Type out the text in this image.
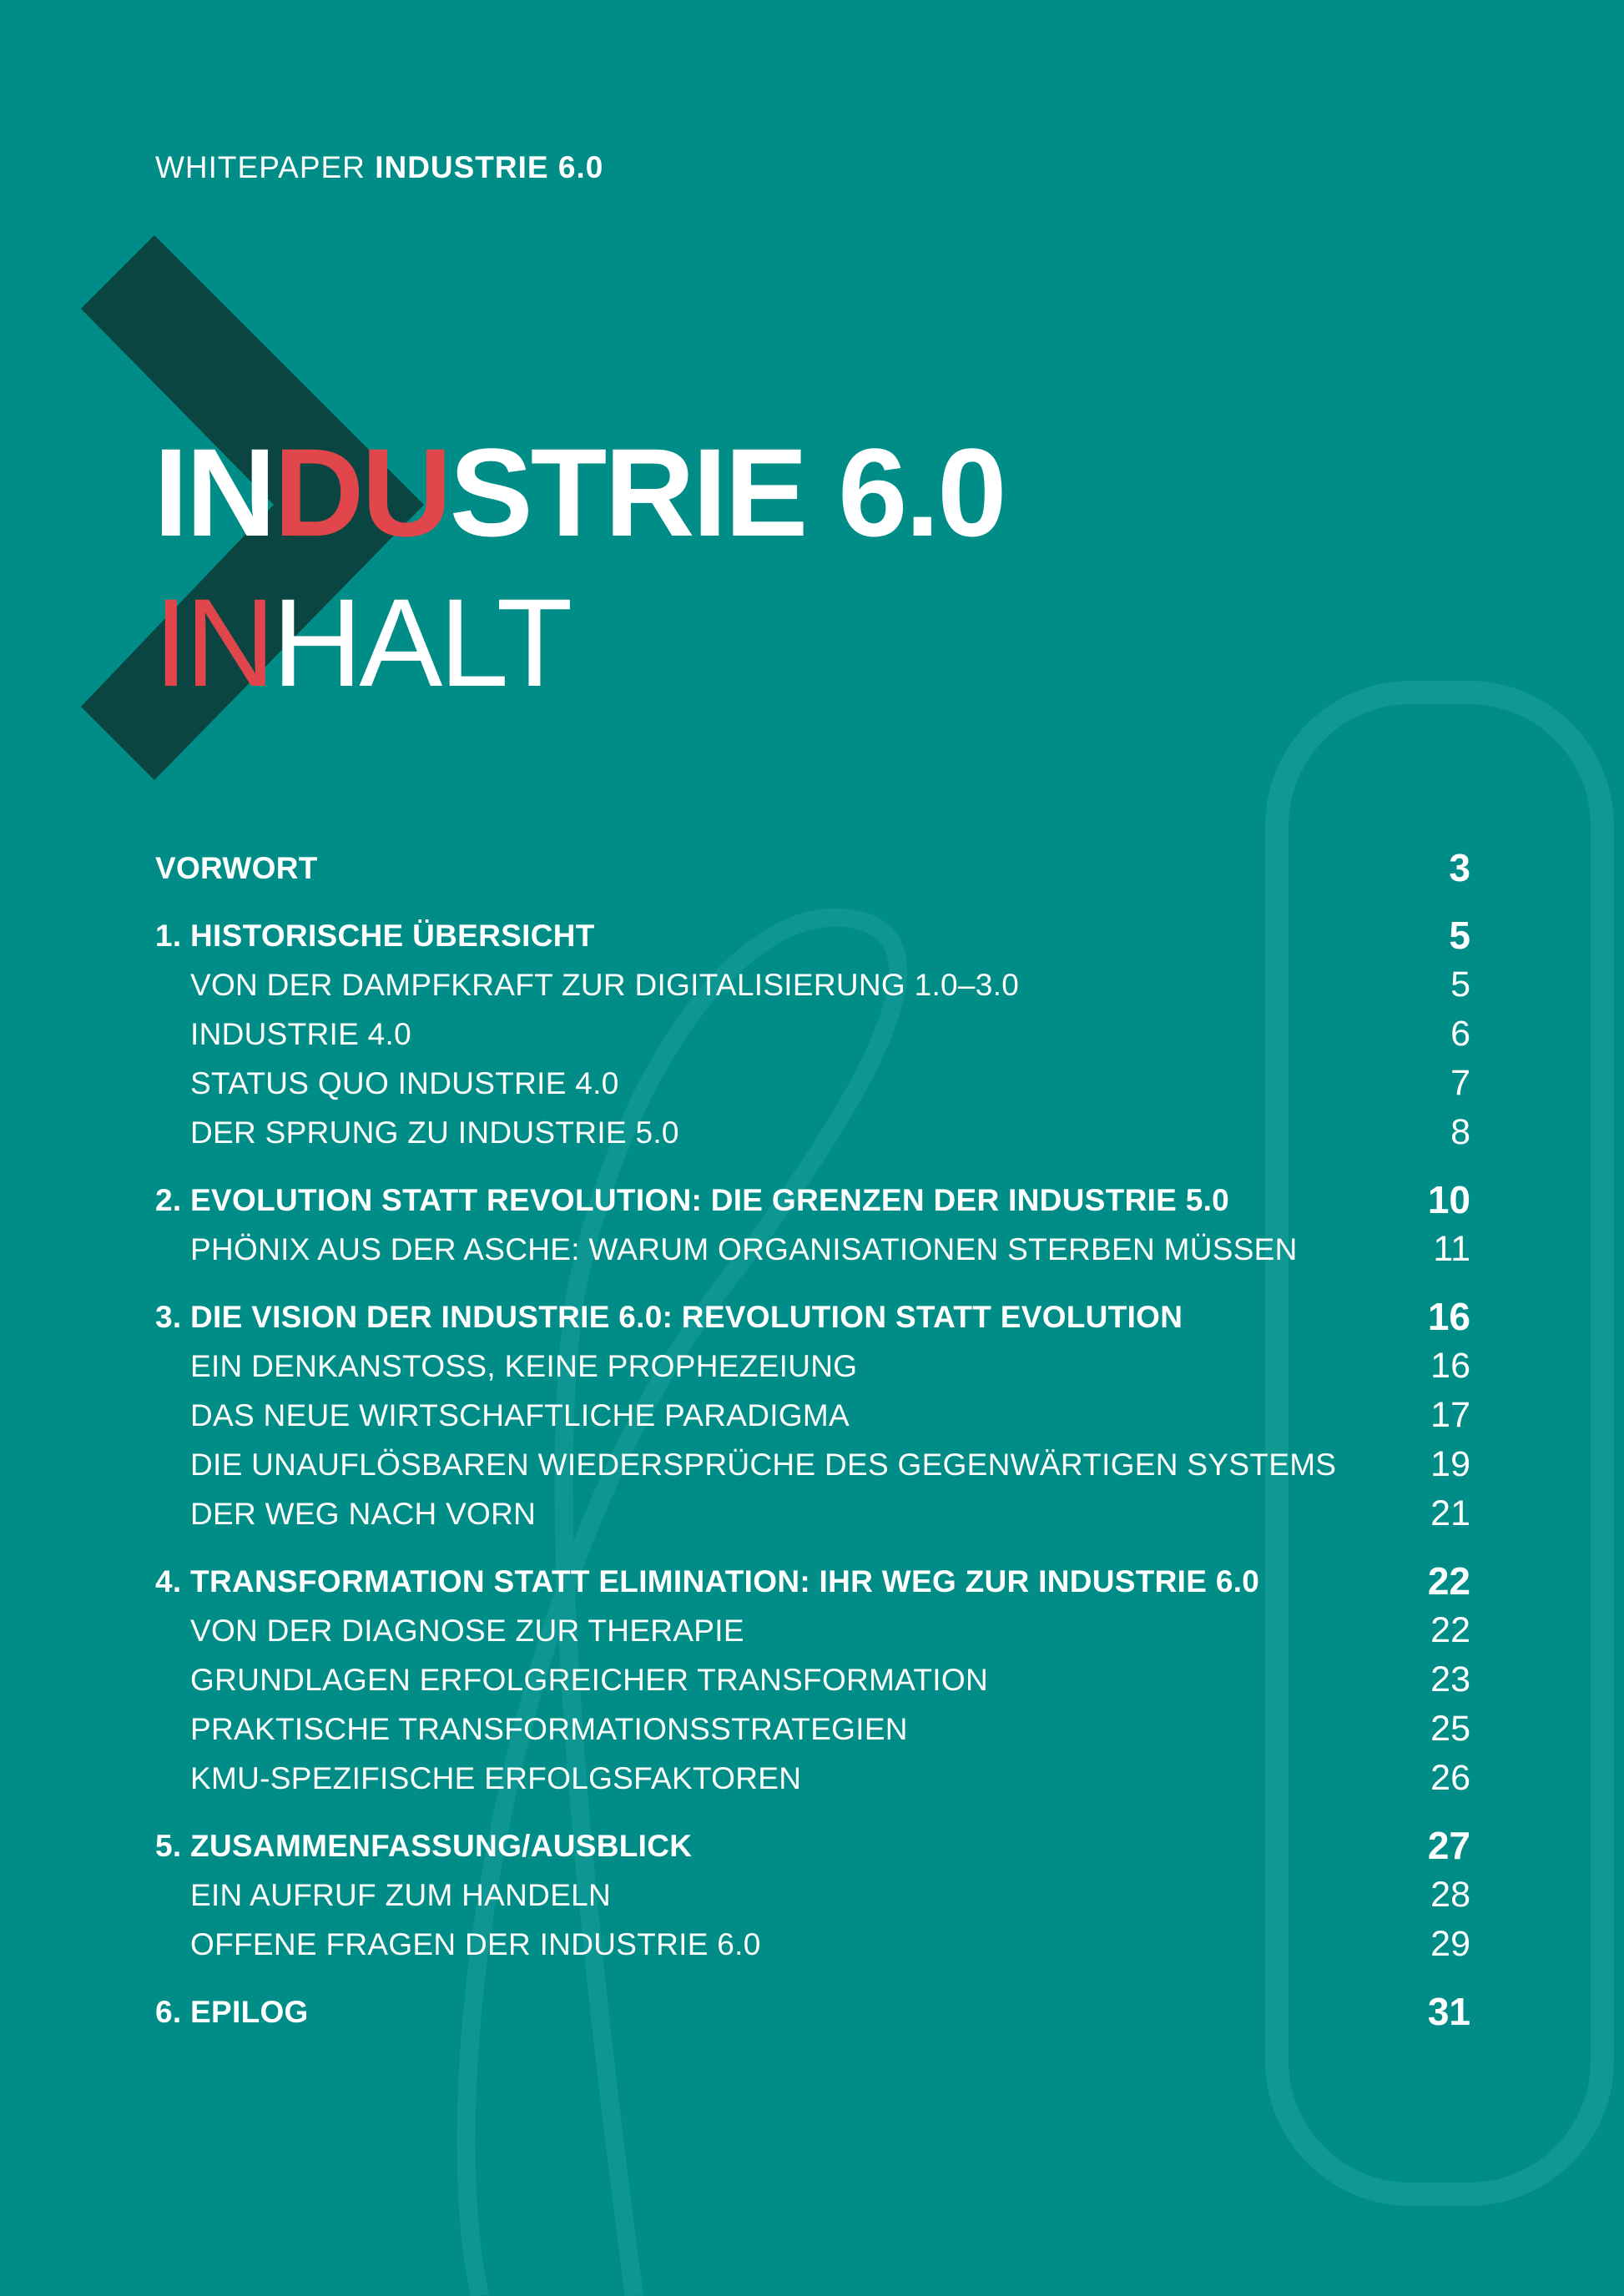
WHITEPAPER INDUSTRIE 6.0
INDUSTRIE 6.0
INHALT
VORWORT	3
1. HISTORISCHE ÜBERSICHT	5
VON DER DAMPFKRAFT ZUR DIGITALISIERUNG 1.0–3.0	5
INDUSTRIE 4.0	6
STATUS QUO INDUSTRIE 4.0	7
DER SPRUNG ZU INDUSTRIE 5.0	8
2. EVOLUTION STATT REVOLUTION: DIE GRENZEN DER INDUSTRIE 5.0	10
PHÖNIX AUS DER ASCHE: WARUM ORGANISATIONEN STERBEN MÜSSEN	11
3. DIE VISION DER INDUSTRIE 6.0: REVOLUTION STATT EVOLUTION	16
EIN DENKANSTOSS, KEINE PROPHEZEIUNG	16
DAS NEUE WIRTSCHAFTLICHE PARADIGMA	17
DIE UNAUFLÖSBAREN WIEDERSPRÜCHE DES GEGENWÄRTIGEN SYSTEMS	19
DER WEG NACH VORN	21
4. TRANSFORMATION STATT ELIMINATION: IHR WEG ZUR INDUSTRIE 6.0	22
VON DER DIAGNOSE ZUR THERAPIE	22
GRUNDLAGEN ERFOLGREICHER TRANSFORMATION	23
PRAKTISCHE TRANSFORMATIONSSTRATEGIEN	25
KMU-SPEZIFISCHE ERFOLGSFAKTOREN	26
5. ZUSAMMENFASSUNG/AUSBLICK	27
EIN AUFRUF ZUM HANDELN	28
OFFENE FRAGEN DER INDUSTRIE 6.0	29
6. EPILOG	31
